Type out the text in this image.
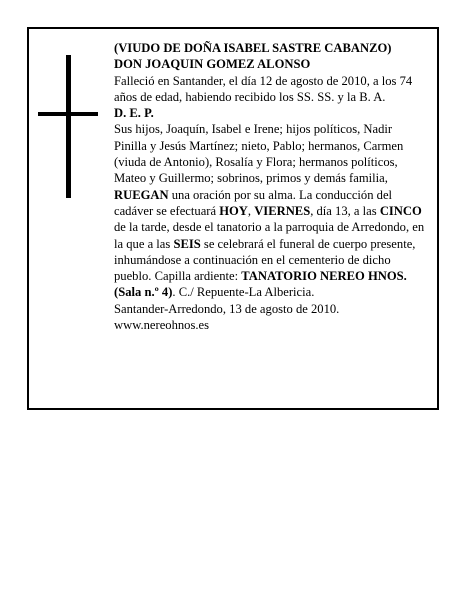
(VIUDO DE DOÑA ISABEL SASTRE CABANZO)

DON JOAQUIN GOMEZ ALONSO

Falleció en Santander, el día 12 de agosto de 2010, a los 74 años de edad, habiendo recibido los SS. SS. y la B. A.

D. E. P.

Sus hijos, Joaquín, Isabel e Irene; hijos políticos, Nadir Pinilla y Jesús Martínez; nieto, Pablo; hermanos, Carmen (viuda de Antonio), Rosalía y Flora; hermanos políticos, Mateo y Guillermo; sobrinos, primos y demás familia,

RUEGAN una oración por su alma. La conducción del cadáver se efectuará HOY, VIERNES, día 13, a las CINCO de la tarde, desde el tanatorio a la parroquia de Arredondo, en la que a las SEIS se celebrará el funeral de cuerpo presente, inhumándose a continuación en el cementerio de dicho pueblo. Capilla ardiente: TANATORIO NEREO HNOS. (Sala n.º 4). C./ Repuente-La Albericia.

Santander-Arredondo, 13 de agosto de 2010.

www.nereohnos.es
